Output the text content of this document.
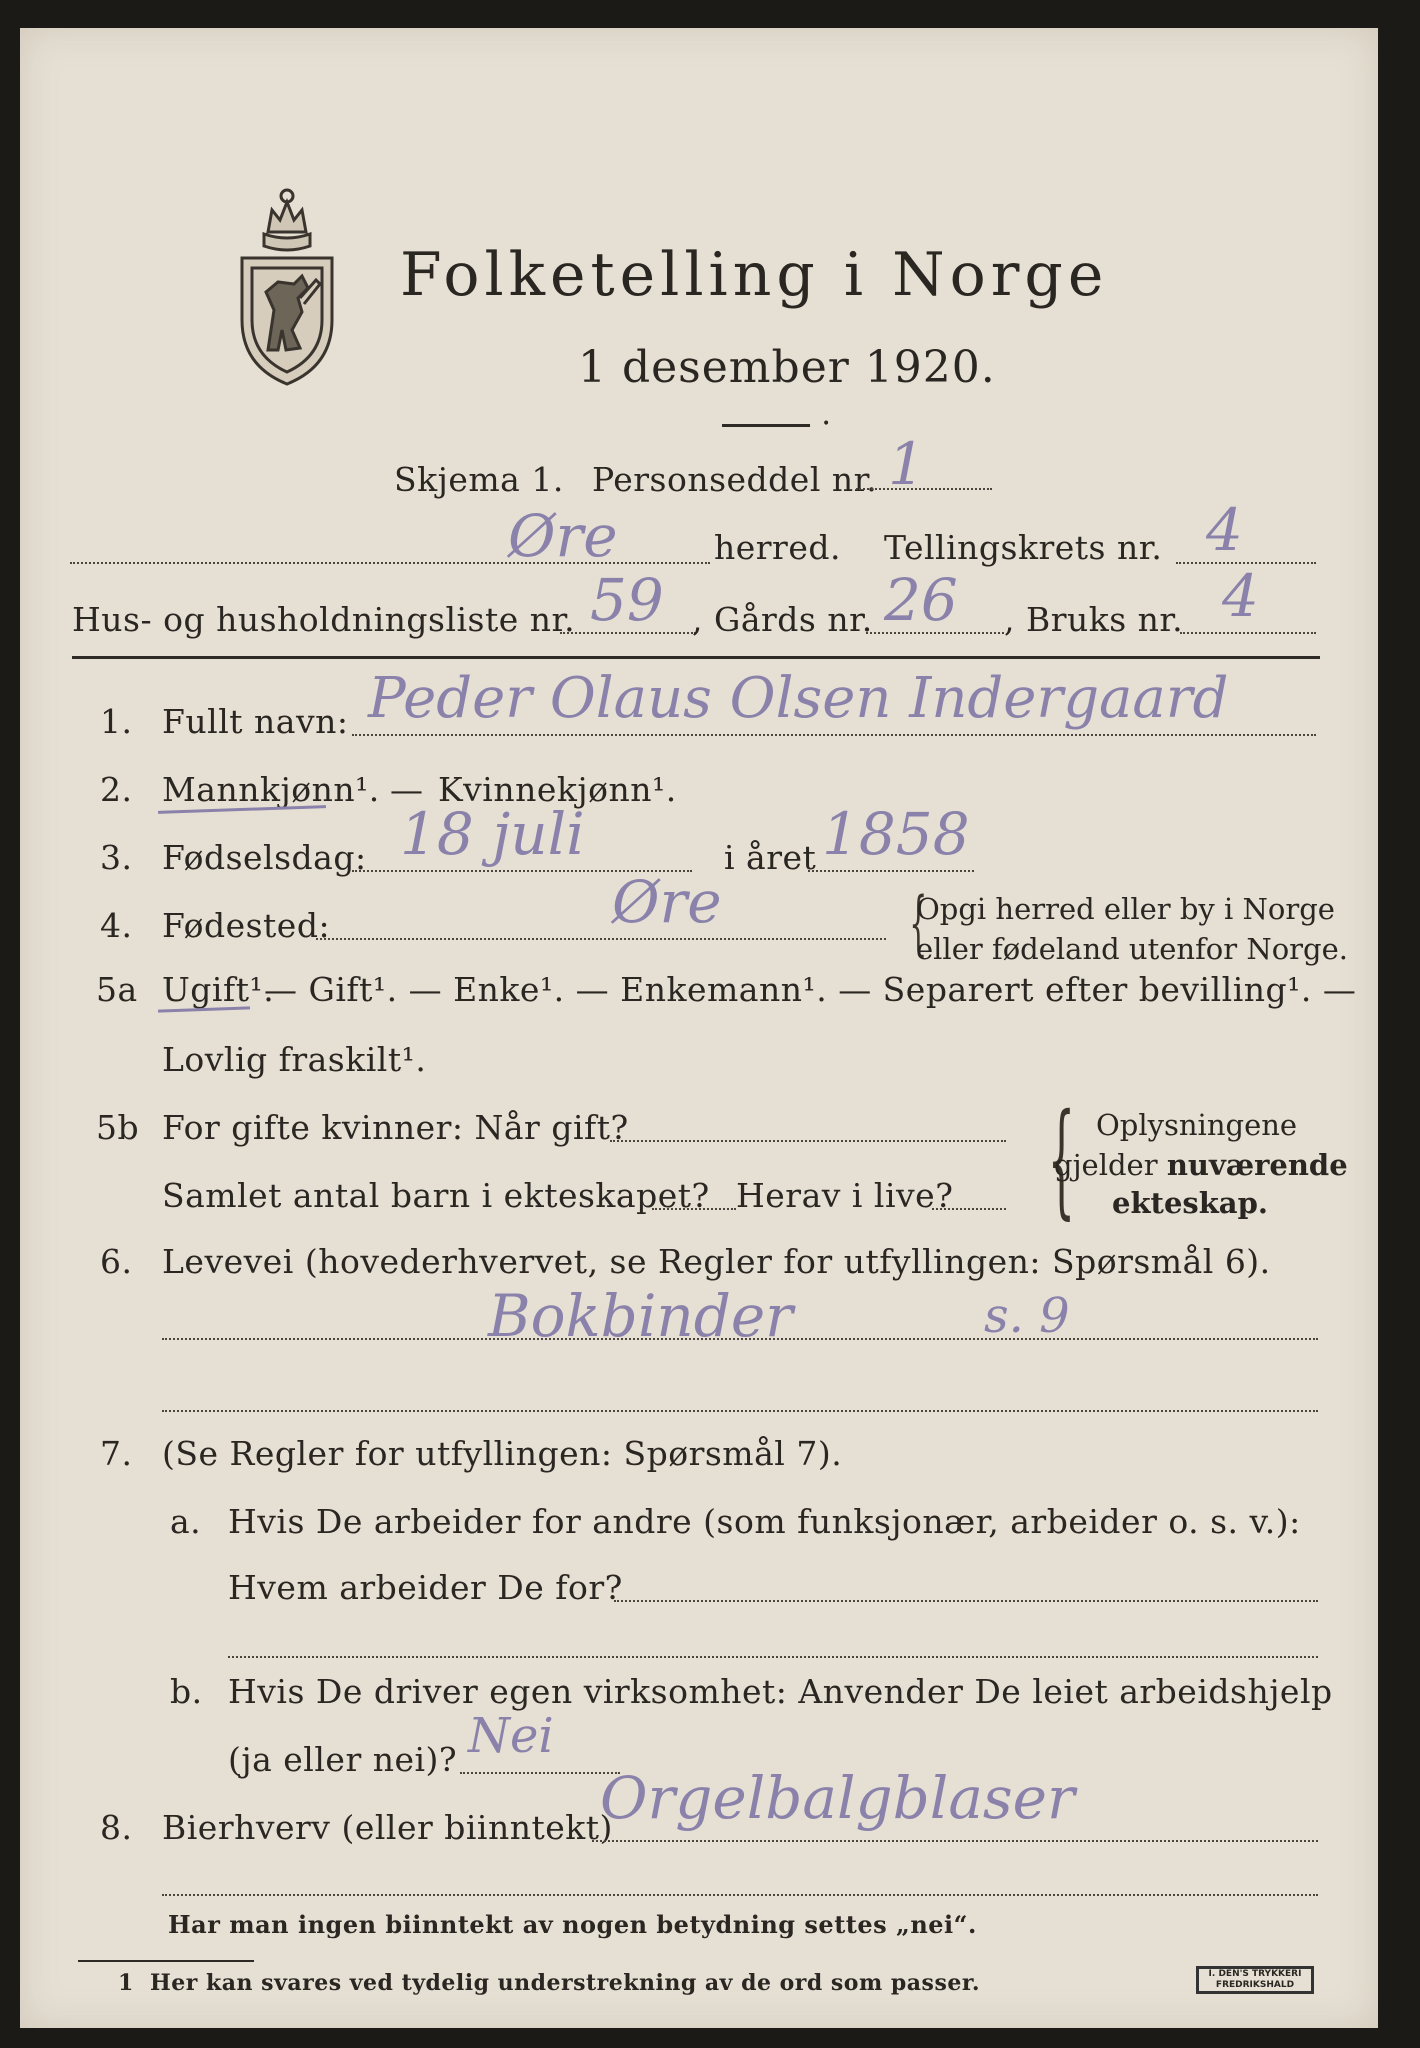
Folketelling i Norge
1 desember 1920.
•
Skjema 1. Personseddel nr. 1
Øre	herred. Tellingskrets nr. 4
Hus- og husholdningsliste nr. 59 , Gårds nr. 26 , Bruks nr. 4
1. Fullt navn: Peder Olaus Olsen Indergaard
2. Mannkjønn¹. — Kvinnekjønn¹.
3. Fødselsdag: 18 juli	i året 1858
4. Fødested:	Øre	{
Opgi herred eller by i Norge
eller fødeland utenfor Norge.
5a Ugift¹.
— Gift¹. — Enke¹. — Enkemann¹. — Separert efter bevilling¹. —
Lovlig fraskilt¹.
5b For gifte kvinner: Når gift?
Samlet antal barn i ekteskapet? Herav i live? { Oplysningene
gjelder nuværende
ekteskap.
6. Levevei (hovederhvervet, se Regler for utfyllingen: Spørsmål 6).
Bokbinder	s. 9
7. (Se Regler for utfyllingen: Spørsmål 7).
a. Hvis De arbeider for andre (som funksjonær, arbeider o. s. v.):
Hvem arbeider De for?
b. Hvis De driver egen virksomhet: Anvender De leiet arbeidshjelp
(ja eller nei)? Nei
8. Bierhverv (eller biinntekt)
Orgelbalgblaser
Har man ingen biinntekt av nogen betydning settes „nei“.
1 Her kan svares ved tydelig understrekning av de ord som passer.	I. DEN'S TRYKKERI
FREDRIKSHALD
